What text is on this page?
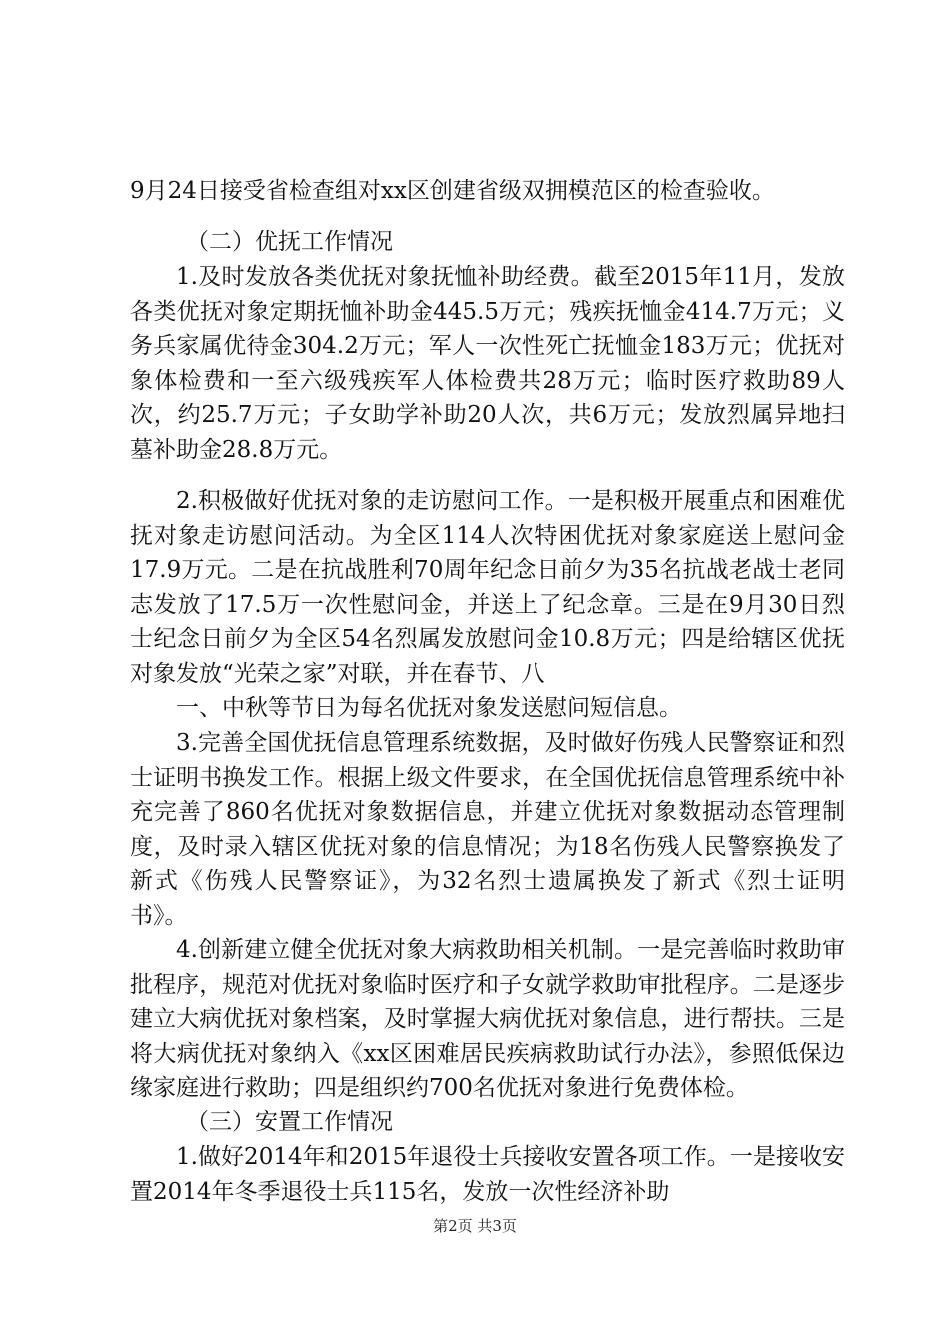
9月24日接受省检查组对xx区创建省级双拥模范区的检查验收。

（二）优抚工作情况

1.及时发放各类优抚对象抚恤补助经费。截至2015年11月，发放各类优抚对象定期抚恤补助金445.5万元；残疾抚恤金414.7万元；义务兵家属优待金304.2万元；军人一次性死亡抚恤金183万元；优抚对象体检费和一至六级残疾军人体检费共28万元；临时医疗救助89人次，约25.7万元；子女助学补助20人次，共6万元；发放烈属异地扫墓补助金28.8万元。

2.积极做好优抚对象的走访慰问工作。一是积极开展重点和困难优抚对象走访慰问活动。为全区114人次特困优抚对象家庭送上慰问金17.9万元。二是在抗战胜利70周年纪念日前夕为35名抗战老战士老同志发放了17.5万一次性慰问金，并送上了纪念章。三是在9月30日烈士纪念日前夕为全区54名烈属发放慰问金10.8万元；四是给辖区优抚对象发放“光荣之家”对联，并在春节、八

一、中秋等节日为每名优抚对象发送慰问短信息。

3.完善全国优抚信息管理系统数据，及时做好伤残人民警察证和烈士证明书换发工作。根据上级文件要求，在全国优抚信息管理系统中补充完善了860名优抚对象数据信息，并建立优抚对象数据动态管理制度，及时录入辖区优抚对象的信息情况；为18名伤残人民警察换发了新式《伤残人民警察证》，为32名烈士遗属换发了新式《烈士证明书》。

4.创新建立健全优抚对象大病救助相关机制。一是完善临时救助审批程序，规范对优抚对象临时医疗和子女就学救助审批程序。二是逐步建立大病优抚对象档案，及时掌握大病优抚对象信息，进行帮扶。三是将大病优抚对象纳入《xx区困难居民疾病救助试行办法》，参照低保边缘家庭进行救助；四是组织约700名优抚对象进行免费体检。

（三）安置工作情况

1.做好2014年和2015年退役士兵接收安置各项工作。一是接收安置2014年冬季退役士兵115名，发放一次性经济补助

第2页 共3页
